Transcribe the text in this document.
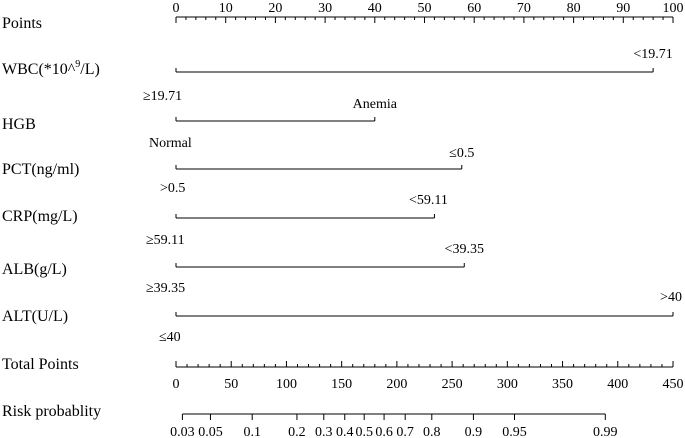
Points
0	10	20	30	40	50	60	70	80	90 100
WBC(*10^$^9$/L)
≥19.71
<19.71
HGB
Normal
Anemia
PCT(ng/ml)
>0.5
≤0.5
CRP(mg/L)
≥59.11
<59.11
ALB(g/L)
≥39.35
<39.35
ALT(U/L)
≤40
>40
Total Points
0	50	100 150 200 250 300 350 400 450
Risk probablity
0.03 0.05 0.1 0.2 0.3 0.4 0.5 0.6 0.7 0.8 0.9 0.95	0.99
